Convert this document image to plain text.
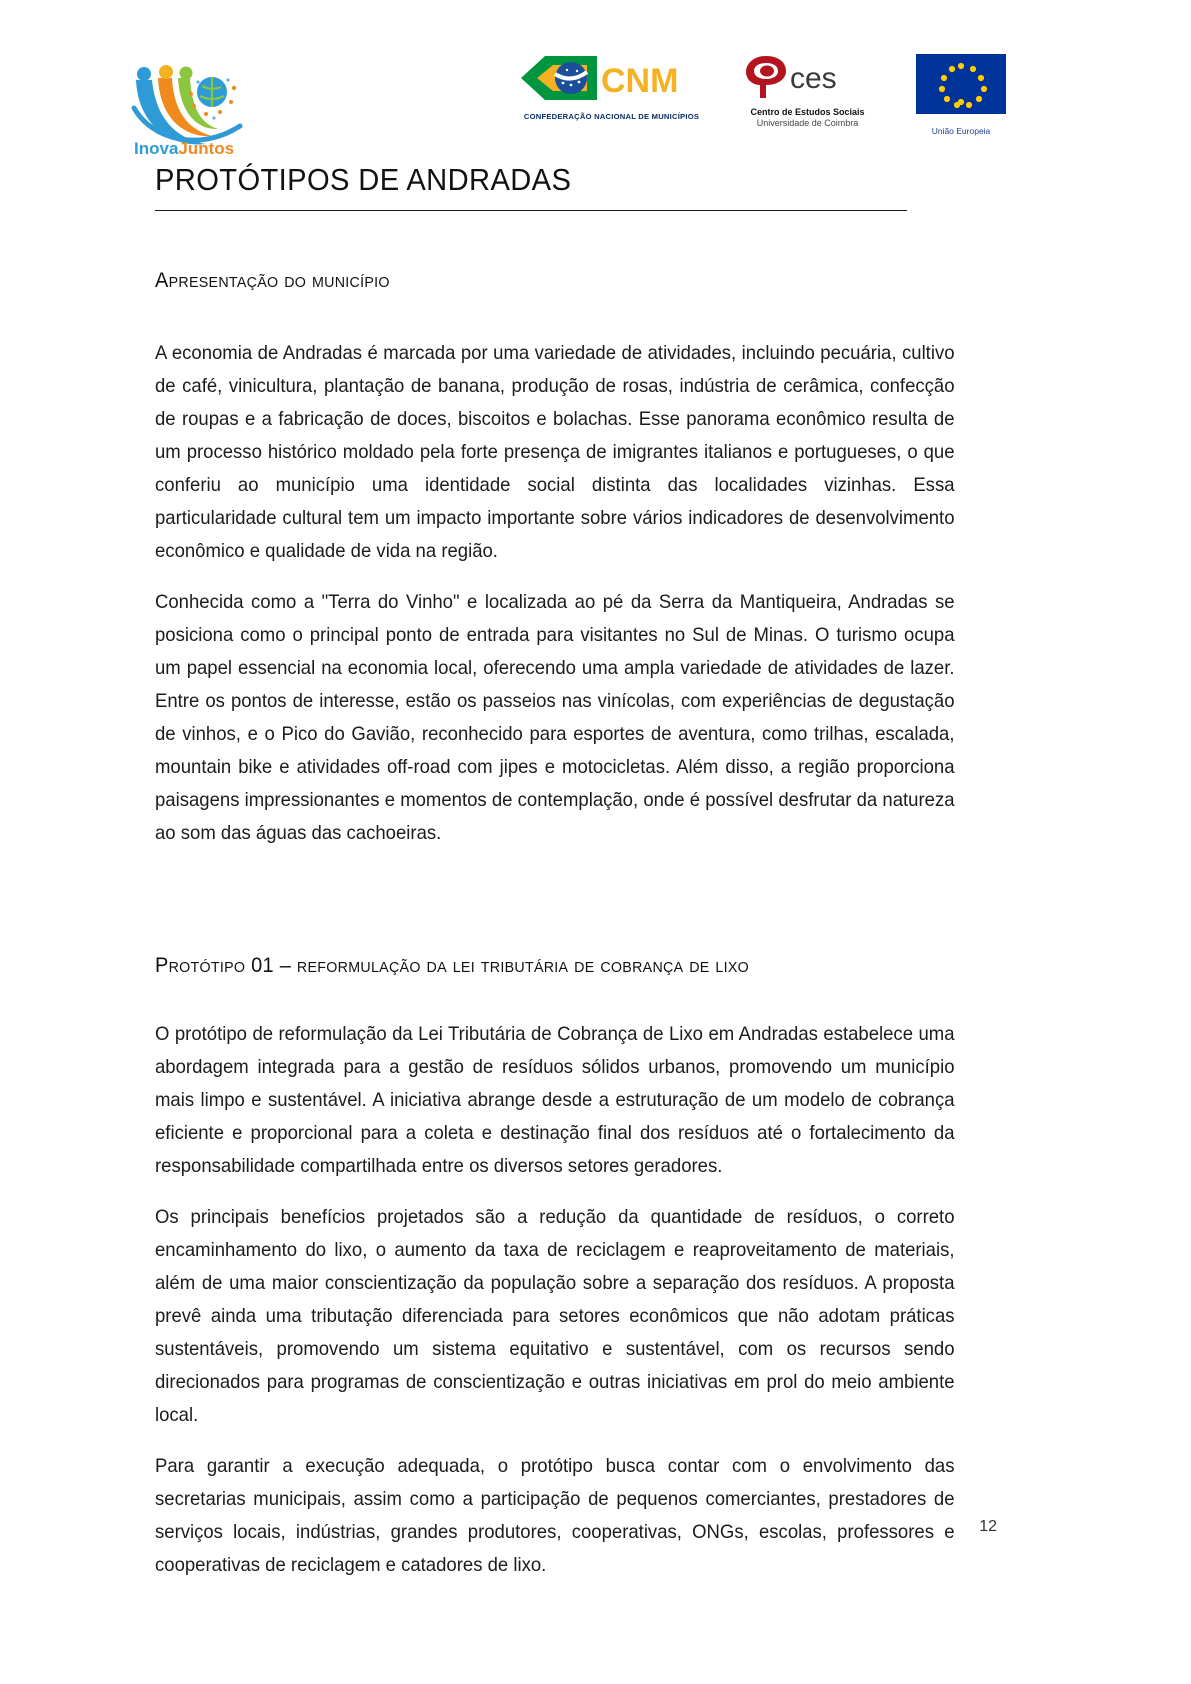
InovaJuntos
CNM
CONFEDERAÇÃO NACIONAL DE MUNICÍPIOS
ces
Centro de Estudos Sociais
Universidade de Coimbra
União Europeia
PROTÓTIPOS DE ANDRADAS
Apresentação do município

A economia de Andradas é marcada por uma variedade de atividades, incluindo pecuária, cultivo de café, vinicultura, plantação de banana, produção de rosas, indústria de cerâmica, confecção de roupas e a fabricação de doces, biscoitos e bolachas. Esse panorama econômico resulta de um processo histórico moldado pela forte presença de imigrantes italianos e portugueses, o que conferiu ao município uma identidade social distinta das localidades vizinhas. Essa particularidade cultural tem um impacto importante sobre vários indicadores de desenvolvimento econômico e qualidade de vida na região.

Conhecida como a "Terra do Vinho" e localizada ao pé da Serra da Mantiqueira, Andradas se posiciona como o principal ponto de entrada para visitantes no Sul de Minas. O turismo ocupa um papel essencial na economia local, oferecendo uma ampla variedade de atividades de lazer. Entre os pontos de interesse, estão os passeios nas vinícolas, com experiências de degustação de vinhos, e o Pico do Gavião, reconhecido para esportes de aventura, como trilhas, escalada, mountain bike e atividades off-road com jipes e motocicletas. Além disso, a região proporciona paisagens impressionantes e momentos de contemplação, onde é possível desfrutar da natureza ao som das águas das cachoeiras.

Protótipo 01 – reformulação da lei tributária de cobrança de lixo

O protótipo de reformulação da Lei Tributária de Cobrança de Lixo em Andradas estabelece uma abordagem integrada para a gestão de resíduos sólidos urbanos, promovendo um município mais limpo e sustentável. A iniciativa abrange desde a estruturação de um modelo de cobrança eficiente e proporcional para a coleta e destinação final dos resíduos até o fortalecimento da responsabilidade compartilhada entre os diversos setores geradores.

Os principais benefícios projetados são a redução da quantidade de resíduos, o correto encaminhamento do lixo, o aumento da taxa de reciclagem e reaproveitamento de materiais, além de uma maior conscientização da população sobre a separação dos resíduos. A proposta prevê ainda uma tributação diferenciada para setores econômicos que não adotam práticas sustentáveis, promovendo um sistema equitativo e sustentável, com os recursos sendo direcionados para programas de conscientização e outras iniciativas em prol do meio ambiente local.

Para garantir a execução adequada, o protótipo busca contar com o envolvimento das secretarias municipais, assim como a participação de pequenos comerciantes, prestadores de serviços locais, indústrias, grandes produtores, cooperativas, ONGs, escolas, professores e cooperativas de reciclagem e catadores de lixo.

12
